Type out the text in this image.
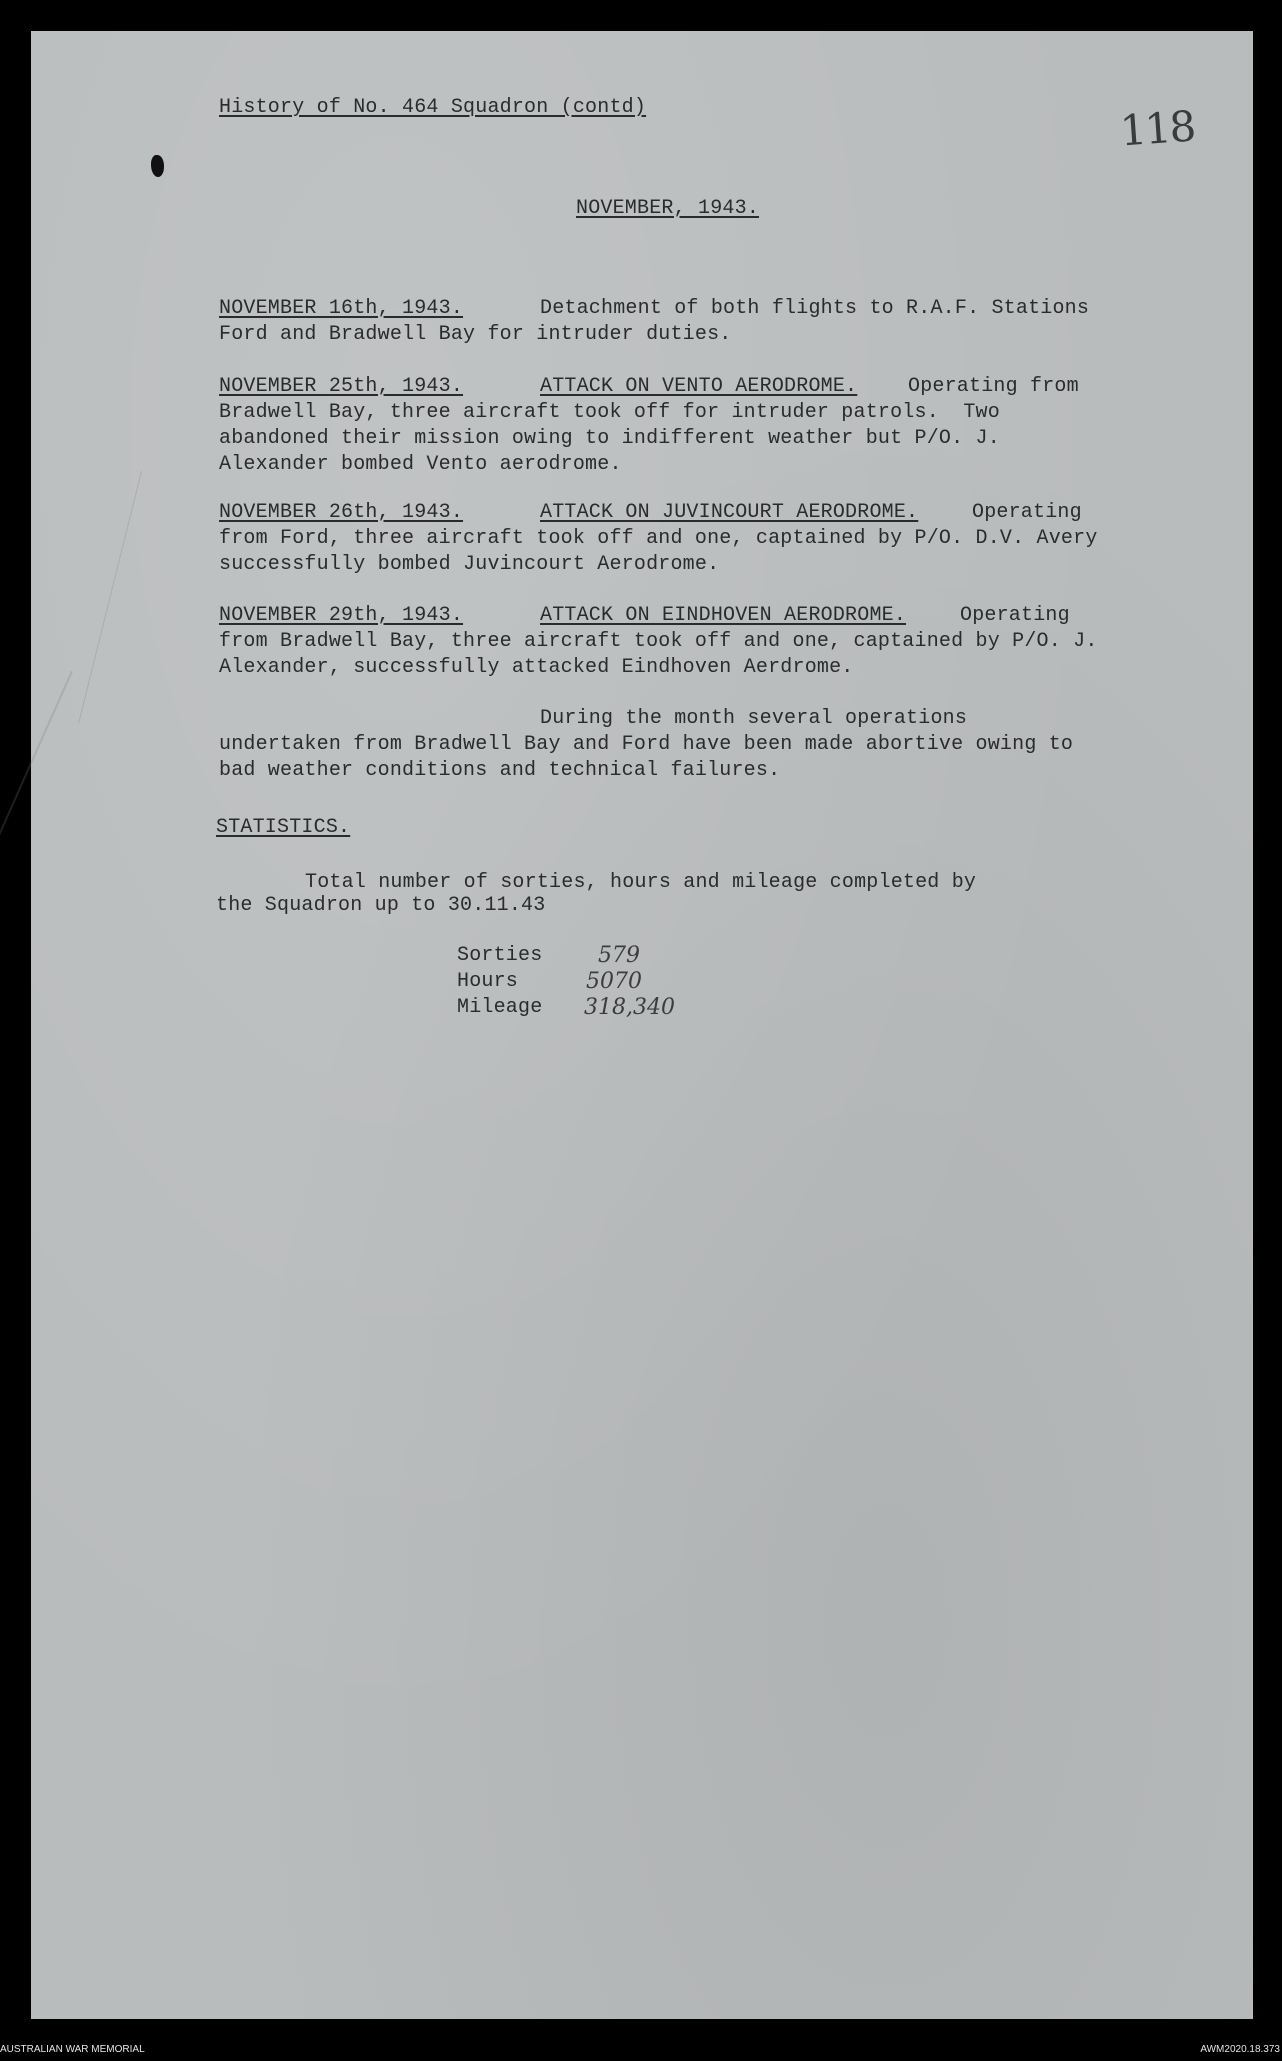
History of No. 464 Squadron (contd)	118
NOVEMBER, 1943.
NOVEMBER 16th, 1943.	Detachment of both flights to R.A.F. Stations
Ford and Bradwell Bay for intruder duties.
NOVEMBER 25th, 1943.	ATTACK ON VENTO AERODROME.	Operating from
Bradwell Bay, three aircraft took off for intruder patrols.  Two
abandoned their mission owing to indifferent weather but P/O. J.
Alexander bombed Vento aerodrome.
NOVEMBER 26th, 1943.	ATTACK ON JUVINCOURT AERODROME.	Operating
from Ford, three aircraft took off and one, captained by P/O. D.V. Avery
successfully bombed Juvincourt Aerodrome.
NOVEMBER 29th, 1943.	ATTACK ON EINDHOVEN AERODROME.	Operating
from Bradwell Bay, three aircraft took off and one, captained by P/O. J.
Alexander, successfully attacked Eindhoven Aerdrome.
During the month several operations
undertaken from Bradwell Bay and Ford have been made abortive owing to
bad weather conditions and technical failures.
STATISTICS.
Total number of sorties, hours and mileage completed by
the Squadron up to 30.11.43
Sorties	579
Hours	5070
Mileage 318,340
AUSTRALIAN WAR MEMORIAL	AWM2020.18.373
